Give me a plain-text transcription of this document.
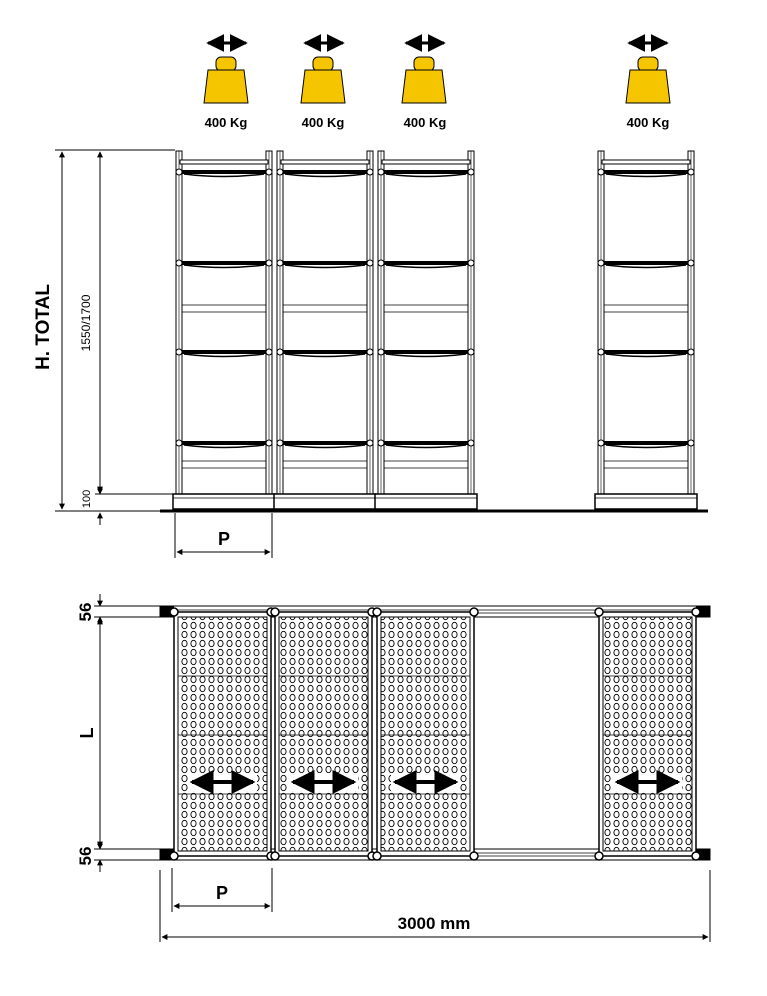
400 Kg	400 Kg	400 Kg	400 Kg
H. TOTAL 1550/1700
100
P
56
L
56
P
3000 mm
